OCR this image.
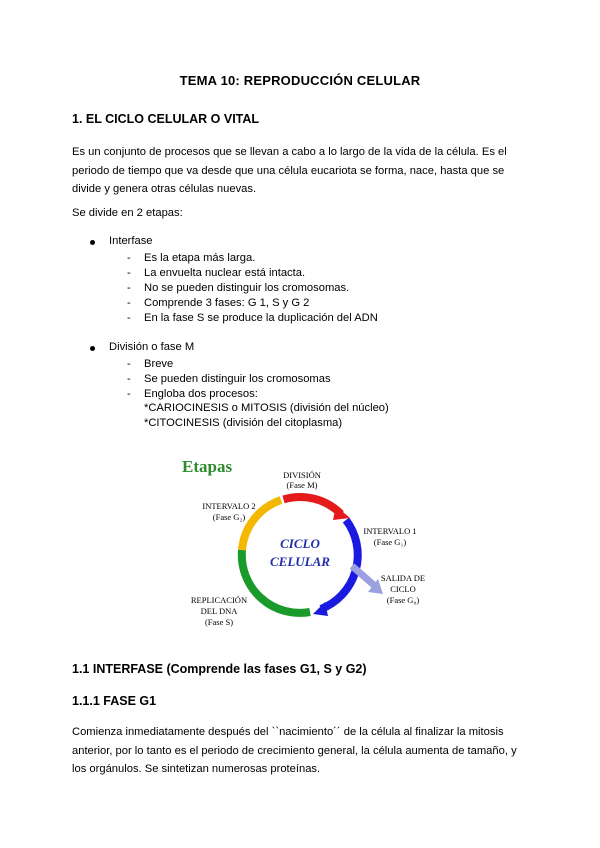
TEMA 10: REPRODUCCIÓN CELULAR
1. EL CICLO CELULAR O VITAL
Es un conjunto de procesos que se llevan a cabo a lo largo de la vida de la célula. Es el
periodo de tiempo que va desde que una célula eucariota se forma, nace, hasta que se
divide y genera otras células nuevas.
Se divide en 2 etapas:
Interfase
- Es la etapa más larga.
- La envuelta nuclear está intacta.
- No se pueden distinguir los cromosomas.
- Comprende 3 fases: G 1, S y G 2
- En la fase S se produce la duplicación del ADN
División o fase M
- Breve
- Se pueden distinguir los cromosomas
- Engloba dos procesos:
*CARIOCINESIS o MITOSIS (división del núcleo)
*CITOCINESIS (división del citoplasma)
Etapas
CICLO
CELULAR
DIVISIÓN
(Fase M)
INTERVALO 1
(Fase G₁)
SALIDA DE
CICLO
(Fase G₀)
REPLICACIÓN
DEL DNA
(Fase S)
INTERVALO 2
(Fase G₂)
1.1 INTERFASE (Comprende las fases G1, S y G2)
1.1.1 FASE G1
Comienza inmediatamente después del ``nacimiento´´ de la célula al finalizar la mitosis
anterior, por lo tanto es el periodo de crecimiento general, la célula aumenta de tamaño, y
los orgánulos. Se sintetizan numerosas proteínas.
